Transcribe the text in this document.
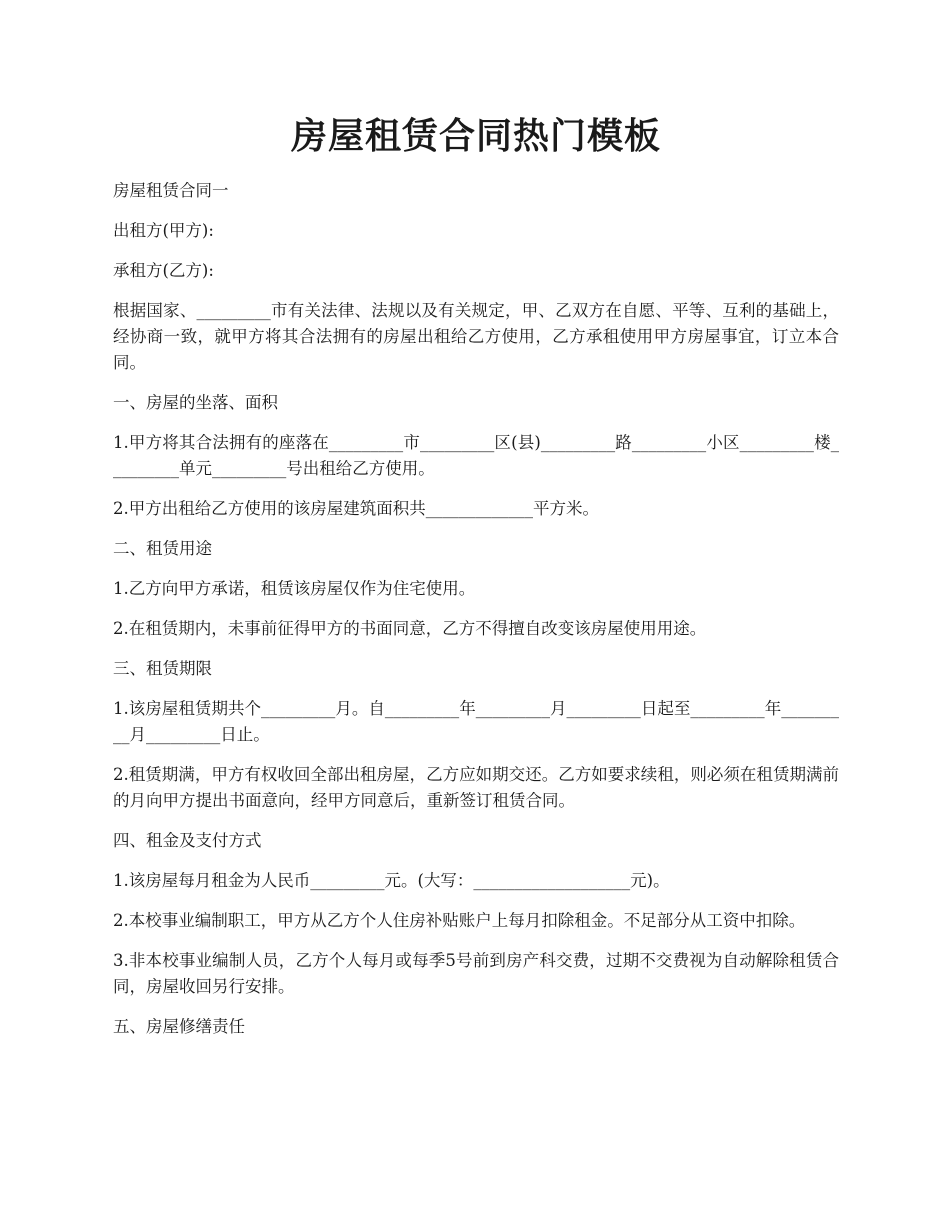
房屋租赁合同热门模板

房屋租赁合同一

出租方(甲方):

承租方(乙方):

根据国家、_________市有关法律、法规以及有关规定，甲、乙双方在自愿、平等、互利的基础上，经协商一致，就甲方将其合法拥有的房屋出租给乙方使用，乙方承租使用甲方房屋事宜，订立本合同。

一、房屋的坐落、面积

1.甲方将其合法拥有的座落在_________市_________区(县)_________路_________小区_________楼_________单元_________号出租给乙方使用。

2.甲方出租给乙方使用的该房屋建筑面积共_____________平方米。

二、租赁用途

1.乙方向甲方承诺，租赁该房屋仅作为住宅使用。

2.在租赁期内，未事前征得甲方的书面同意，乙方不得擅自改变该房屋使用用途。

三、租赁期限

1.该房屋租赁期共个_________月。自_________年_________月_________日起至_________年_________月_________日止。

2.租赁期满，甲方有权收回全部出租房屋，乙方应如期交还。乙方如要求续租，则必须在租赁期满前的月向甲方提出书面意向，经甲方同意后，重新签订租赁合同。

四、租金及支付方式

1.该房屋每月租金为人民币_________元。(大写：___________________元)。

2.本校事业编制职工，甲方从乙方个人住房补贴账户上每月扣除租金。不足部分从工资中扣除。

3.非本校事业编制人员，乙方个人每月或每季5号前到房产科交费，过期不交费视为自动解除租赁合同，房屋收回另行安排。

五、房屋修缮责任
